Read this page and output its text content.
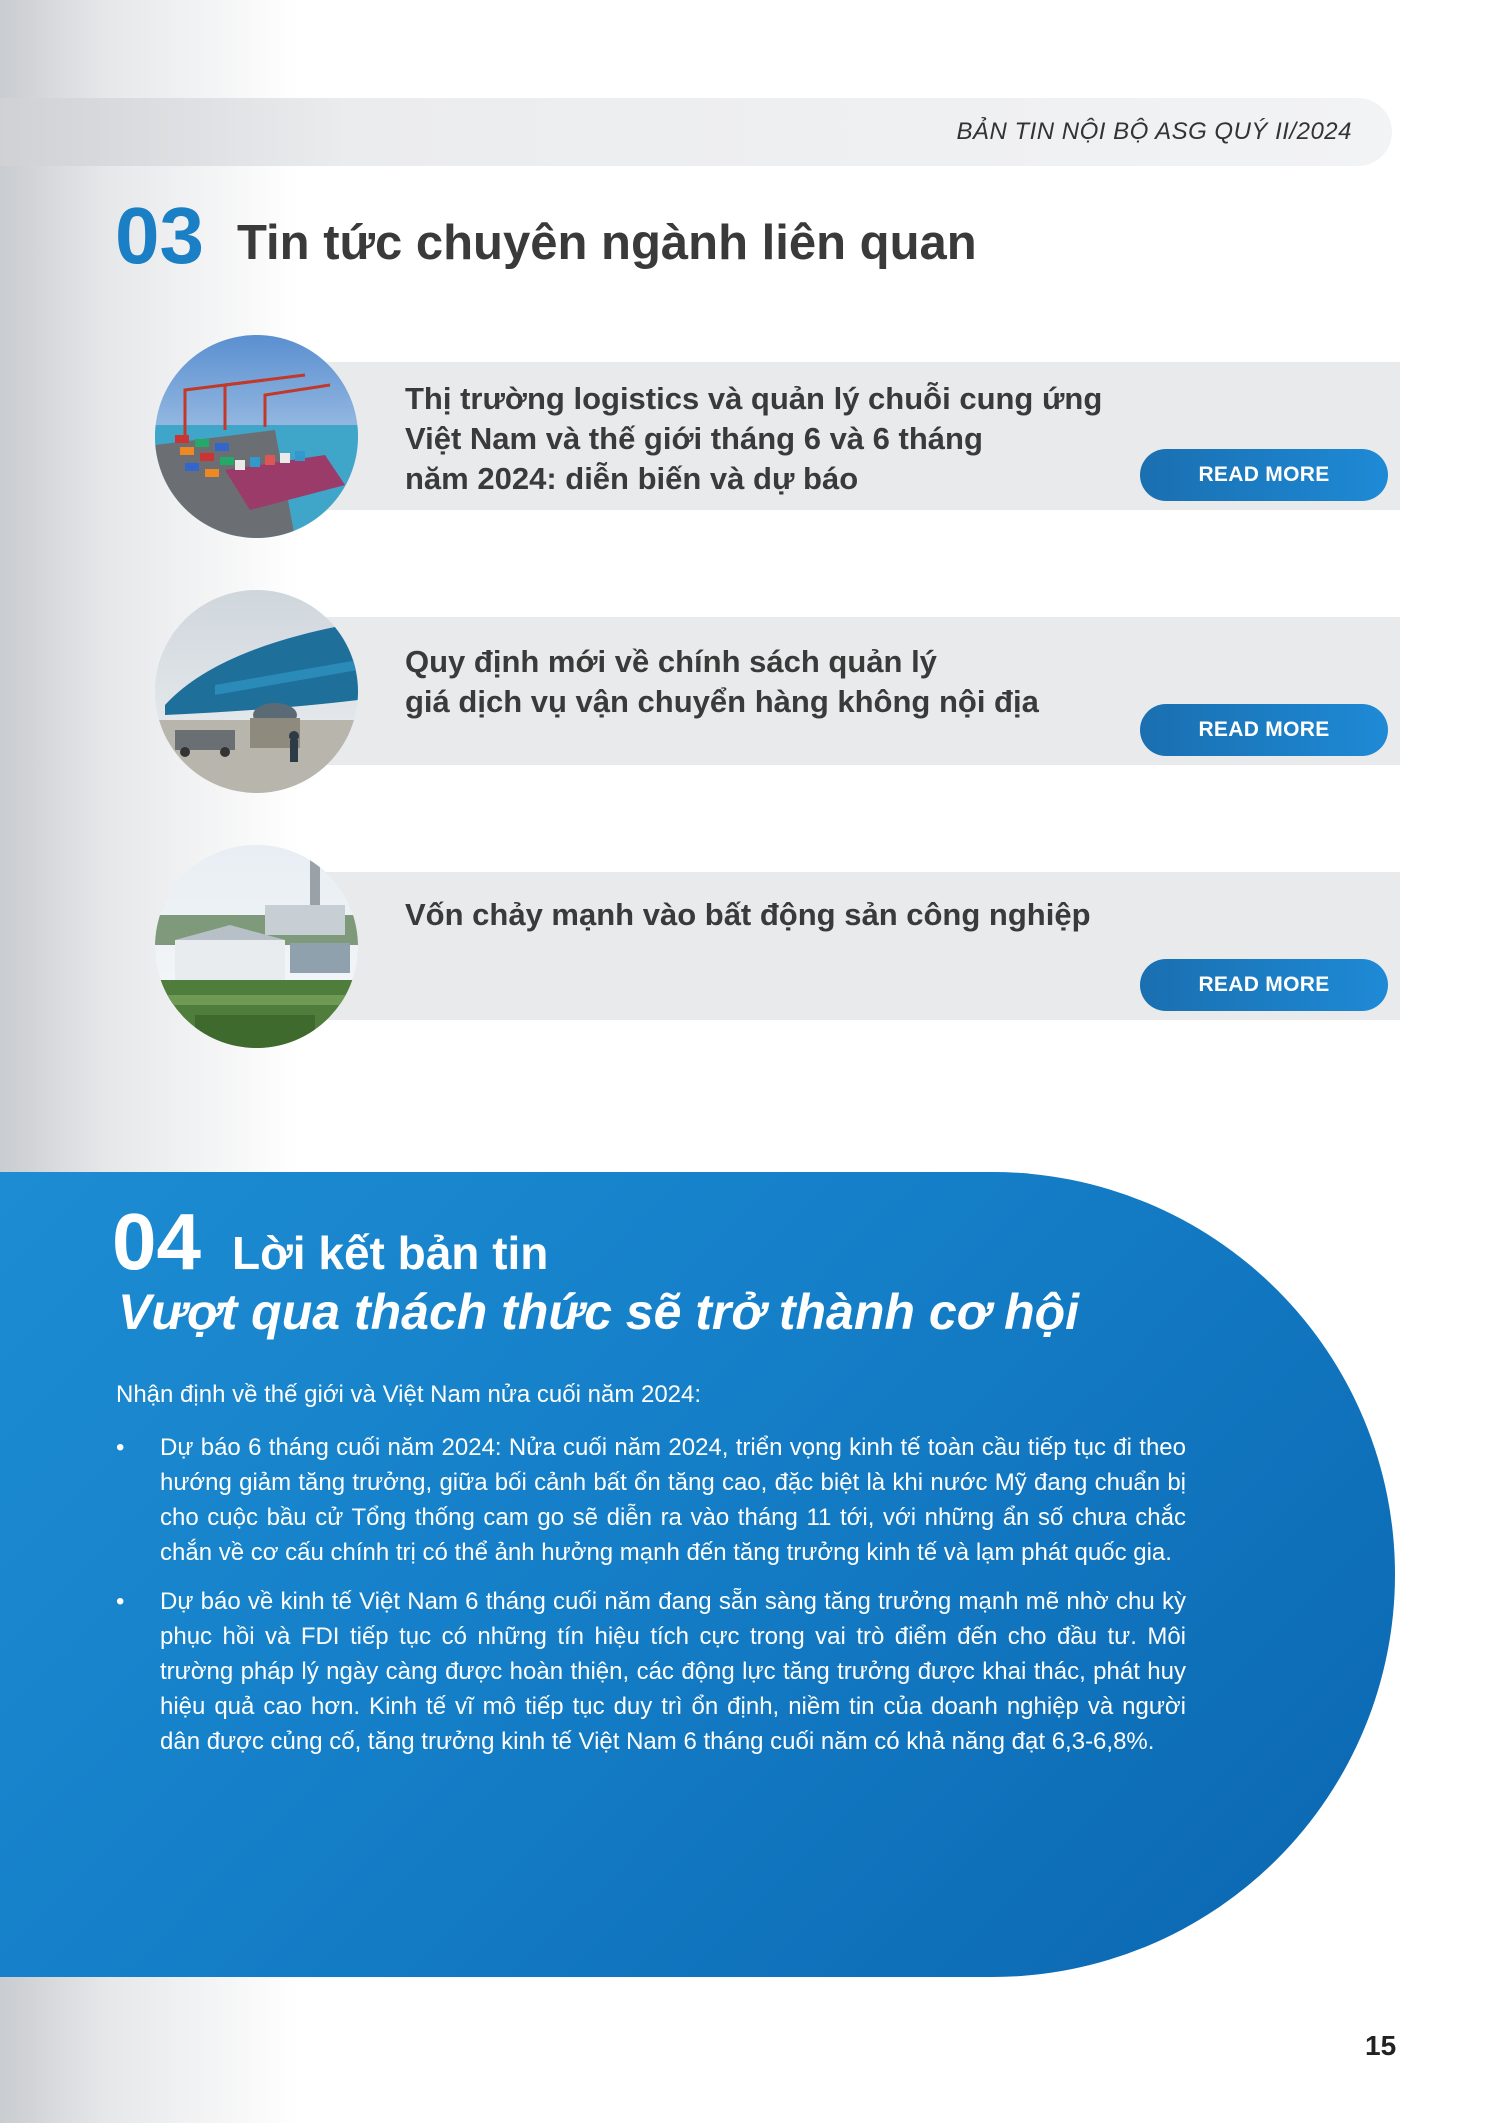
BẢN TIN NỘI BỘ ASG QUÝ II/2024
03 Tin tức chuyên ngành liên quan
Thị trường logistics và quản lý chuỗi cung ứng
Việt Nam và thế giới tháng 6 và 6 tháng
năm 2024: diễn biến và dự báo	READ MORE
Quy định mới về chính sách quản lý
giá dịch vụ vận chuyển hàng không nội địa
READ MORE
Vốn chảy mạnh vào bất động sản công nghiệp
READ MORE
04 Lời kết bản tin
Vượt qua thách thức sẽ trở thành cơ hội
Nhận định về thế giới và Việt Nam nửa cuối năm 2024:
• Dự báo 6 tháng cuối năm 2024: Nửa cuối năm 2024, triển vọng kinh tế toàn cầu tiếp tục đi theo hướng giảm tăng trưởng, giữa bối cảnh bất ổn tăng cao, đặc biệt là khi nước Mỹ đang chuẩn bị cho cuộc bầu cử Tổng thống cam go sẽ diễn ra vào tháng 11 tới, với những ẩn số chưa chắc chắn về cơ cấu chính trị có thể ảnh hưởng mạnh đến tăng trưởng kinh tế và lạm phát quốc gia.
• Dự báo về kinh tế Việt Nam 6 tháng cuối năm đang sẵn sàng tăng trưởng mạnh mẽ nhờ chu kỳ phục hồi và FDI tiếp tục có những tín hiệu tích cực trong vai trò điểm đến cho đầu tư. Môi trường pháp lý ngày càng được hoàn thiện, các động lực tăng trưởng được khai thác, phát huy hiệu quả cao hơn. Kinh tế vĩ mô tiếp tục duy trì ổn định, niềm tin của doanh nghiệp và người dân được củng cố, tăng trưởng kinh tế Việt Nam 6 tháng cuối năm có khả năng đạt 6,3-6,8%.
15
